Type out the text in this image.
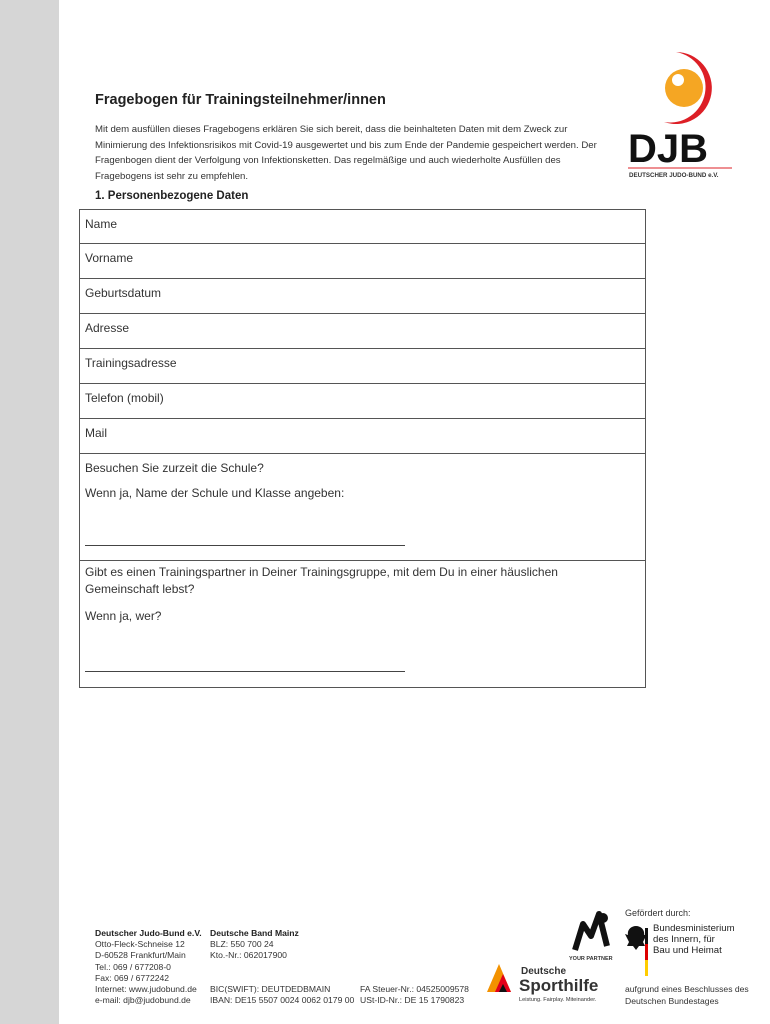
Fragebogen für Trainingsteilnehmer/innen

Mit dem ausfüllen dieses Fragebogens erklären Sie sich bereit, dass die beinhalteten Daten mit dem Zweck zur Minimierung des Infektionsrisikos mit Covid-19 ausgewertet und bis zum Ende der Pandemie gespeichert werden. Der Fragenbogen dient der Verfolgung von Infektionsketten. Das regelmäßige und auch wiederholte Ausfüllen des Fragebogens ist sehr zu empfehlen.

DJB
DEUTSCHER JUDO-BUND e.V.
1. Personenbezogene Daten
Name
Vorname
Geburtsdatum
Adresse
Trainingsadresse
Telefon (mobil)
Mail

Besuchen Sie zurzeit die Schule?

Wenn ja, Name der Schule und Klasse angeben:

Gibt es einen Trainingspartner in Deiner Trainingsgruppe, mit dem Du in einer häuslichen Gemeinschaft lebst?

Wenn ja, wer?

Deutscher Judo-Bund e.V.
Otto-Fleck-Schneise 12
D-60528 Frankfurt/Main
Tel.: 069 / 677208-0
Fax: 069 / 6772242
Internet: www.judobund.de
e-mail: djb@judobund.de
Deutsche Band Mainz
BLZ: 550 700 24
Kto.-Nr.: 062017900

BIC(SWIFT): DEUTDEDBMAIN
IBAN: DE15 5507 0024 0062 0179 00
FA Steuer-Nr.: 04525009578
USt-ID-Nr.: DE 15 1790823
YOUR PARTNER
Deutsche
Sporthilfe
Leistung. Fairplay. Miteinander.
Gefördert durch:
Bundesministerium des Innern, für Bau und Heimat
aufgrund eines Beschlusses des Deutschen Bundestages
